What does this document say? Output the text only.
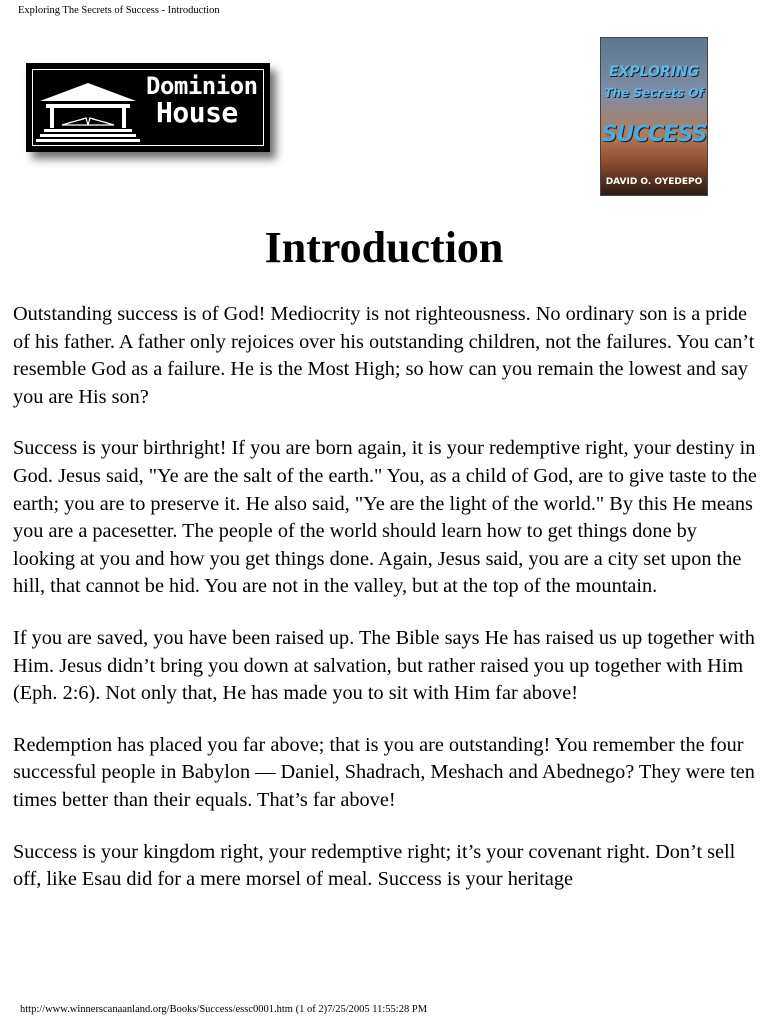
Exploring The Secrets of Success - Introduction
Dominion
House
EXPLORING
The Secrets Of
SUCCESS
DAVID O. OYEDEPO
Introduction

Outstanding success is of God! Mediocrity is not righteousness. No ordinary son is a pride of his father. A father only rejoices over his outstanding children, not the failures. You can’t resemble God as a failure. He is the Most High; so how can you remain the lowest and say you are His son?

Success is your birthright! If you are born again, it is your redemptive right, your destiny in God. Jesus said, "Ye are the salt of the earth." You, as a child of God, are to give taste to the earth; you are to preserve it. He also said, "Ye are the light of the world." By this He means you are a pacesetter. The people of the world should learn how to get things done by looking at you and how you get things done. Again, Jesus said, you are a city set upon the hill, that cannot be hid. You are not in the valley, but at the top of the mountain.

If you are saved, you have been raised up. The Bible says He has raised us up together with Him. Jesus didn’t bring you down at salvation, but rather raised you up together with Him (Eph. 2:6). Not only that, He has made you to sit with Him far above!

Redemption has placed you far above; that is you are outstanding! You remember the four successful people in Babylon — Daniel, Shadrach, Meshach and Abednego? They were ten times better than their equals. That’s far above!

Success is your kingdom right, your redemptive right; it’s your covenant right. Don’t sell off, like Esau did for a mere morsel of meal. Success is your heritage

http://www.winnerscanaanland.org/Books/Success/essc0001.htm (1 of 2)7/25/2005 11:55:28 PM
